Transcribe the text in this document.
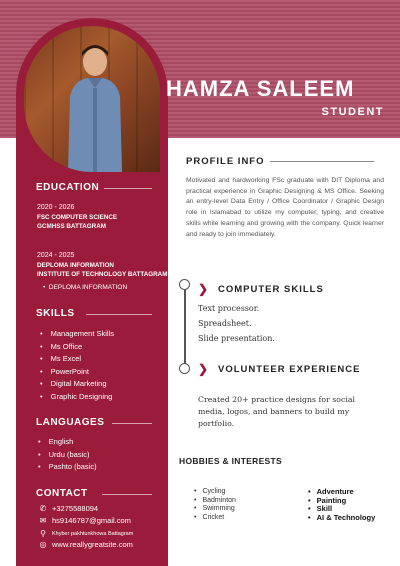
EDUCATION
2020 - 2026
FSC COMPUTER SCIENCE
GCMHSS BATTAGRAM
2024 - 2025
DEPLOMA INFORMATION
INSTITUTE OF TECHNOLOGY BATTAGRAM
•  DEPLOMA INFORMATION
SKILLS
• Management Skills
• Ms Office
• Ms Excel
• PowerPoint
• Digital Marketing
• Graphic Designing
LANGUAGES
• English
• Urdu (basic)
• Pashto (basic)
CONTACT
✆ +3275588094
✉ hs9146787@gmail.com
⚲	Khyber pakhtunkhowa Battagram
◎ www.reallygreatsite.com
HAMZA SALEEM
STUDENT
PROFILE INFO

Motivated and hardworking FSc graduate with DIT Diploma and practical experience in Graphic Designing & MS Office. Seeking an entry-level Data Entry / Office Coordinator / Graphic Design role in Islamabad to utilize my computer, typing, and creative skills while learning and growing with the company. Quick learner and ready to join immediately.

❯ COMPUTER SKILLS
Text processor.
Spreadsheet.
Slide presentation.
❯ VOLUNTEER EXPERIENCE

Created 20+ practice designs for social media, logos, and banners to build my portfolio.

HOBBIES & INTERESTS
• Cycling
• Badminton
• Swimming
• Cricket
• Adventure
• Painting
• Skill
• AI & Technology
